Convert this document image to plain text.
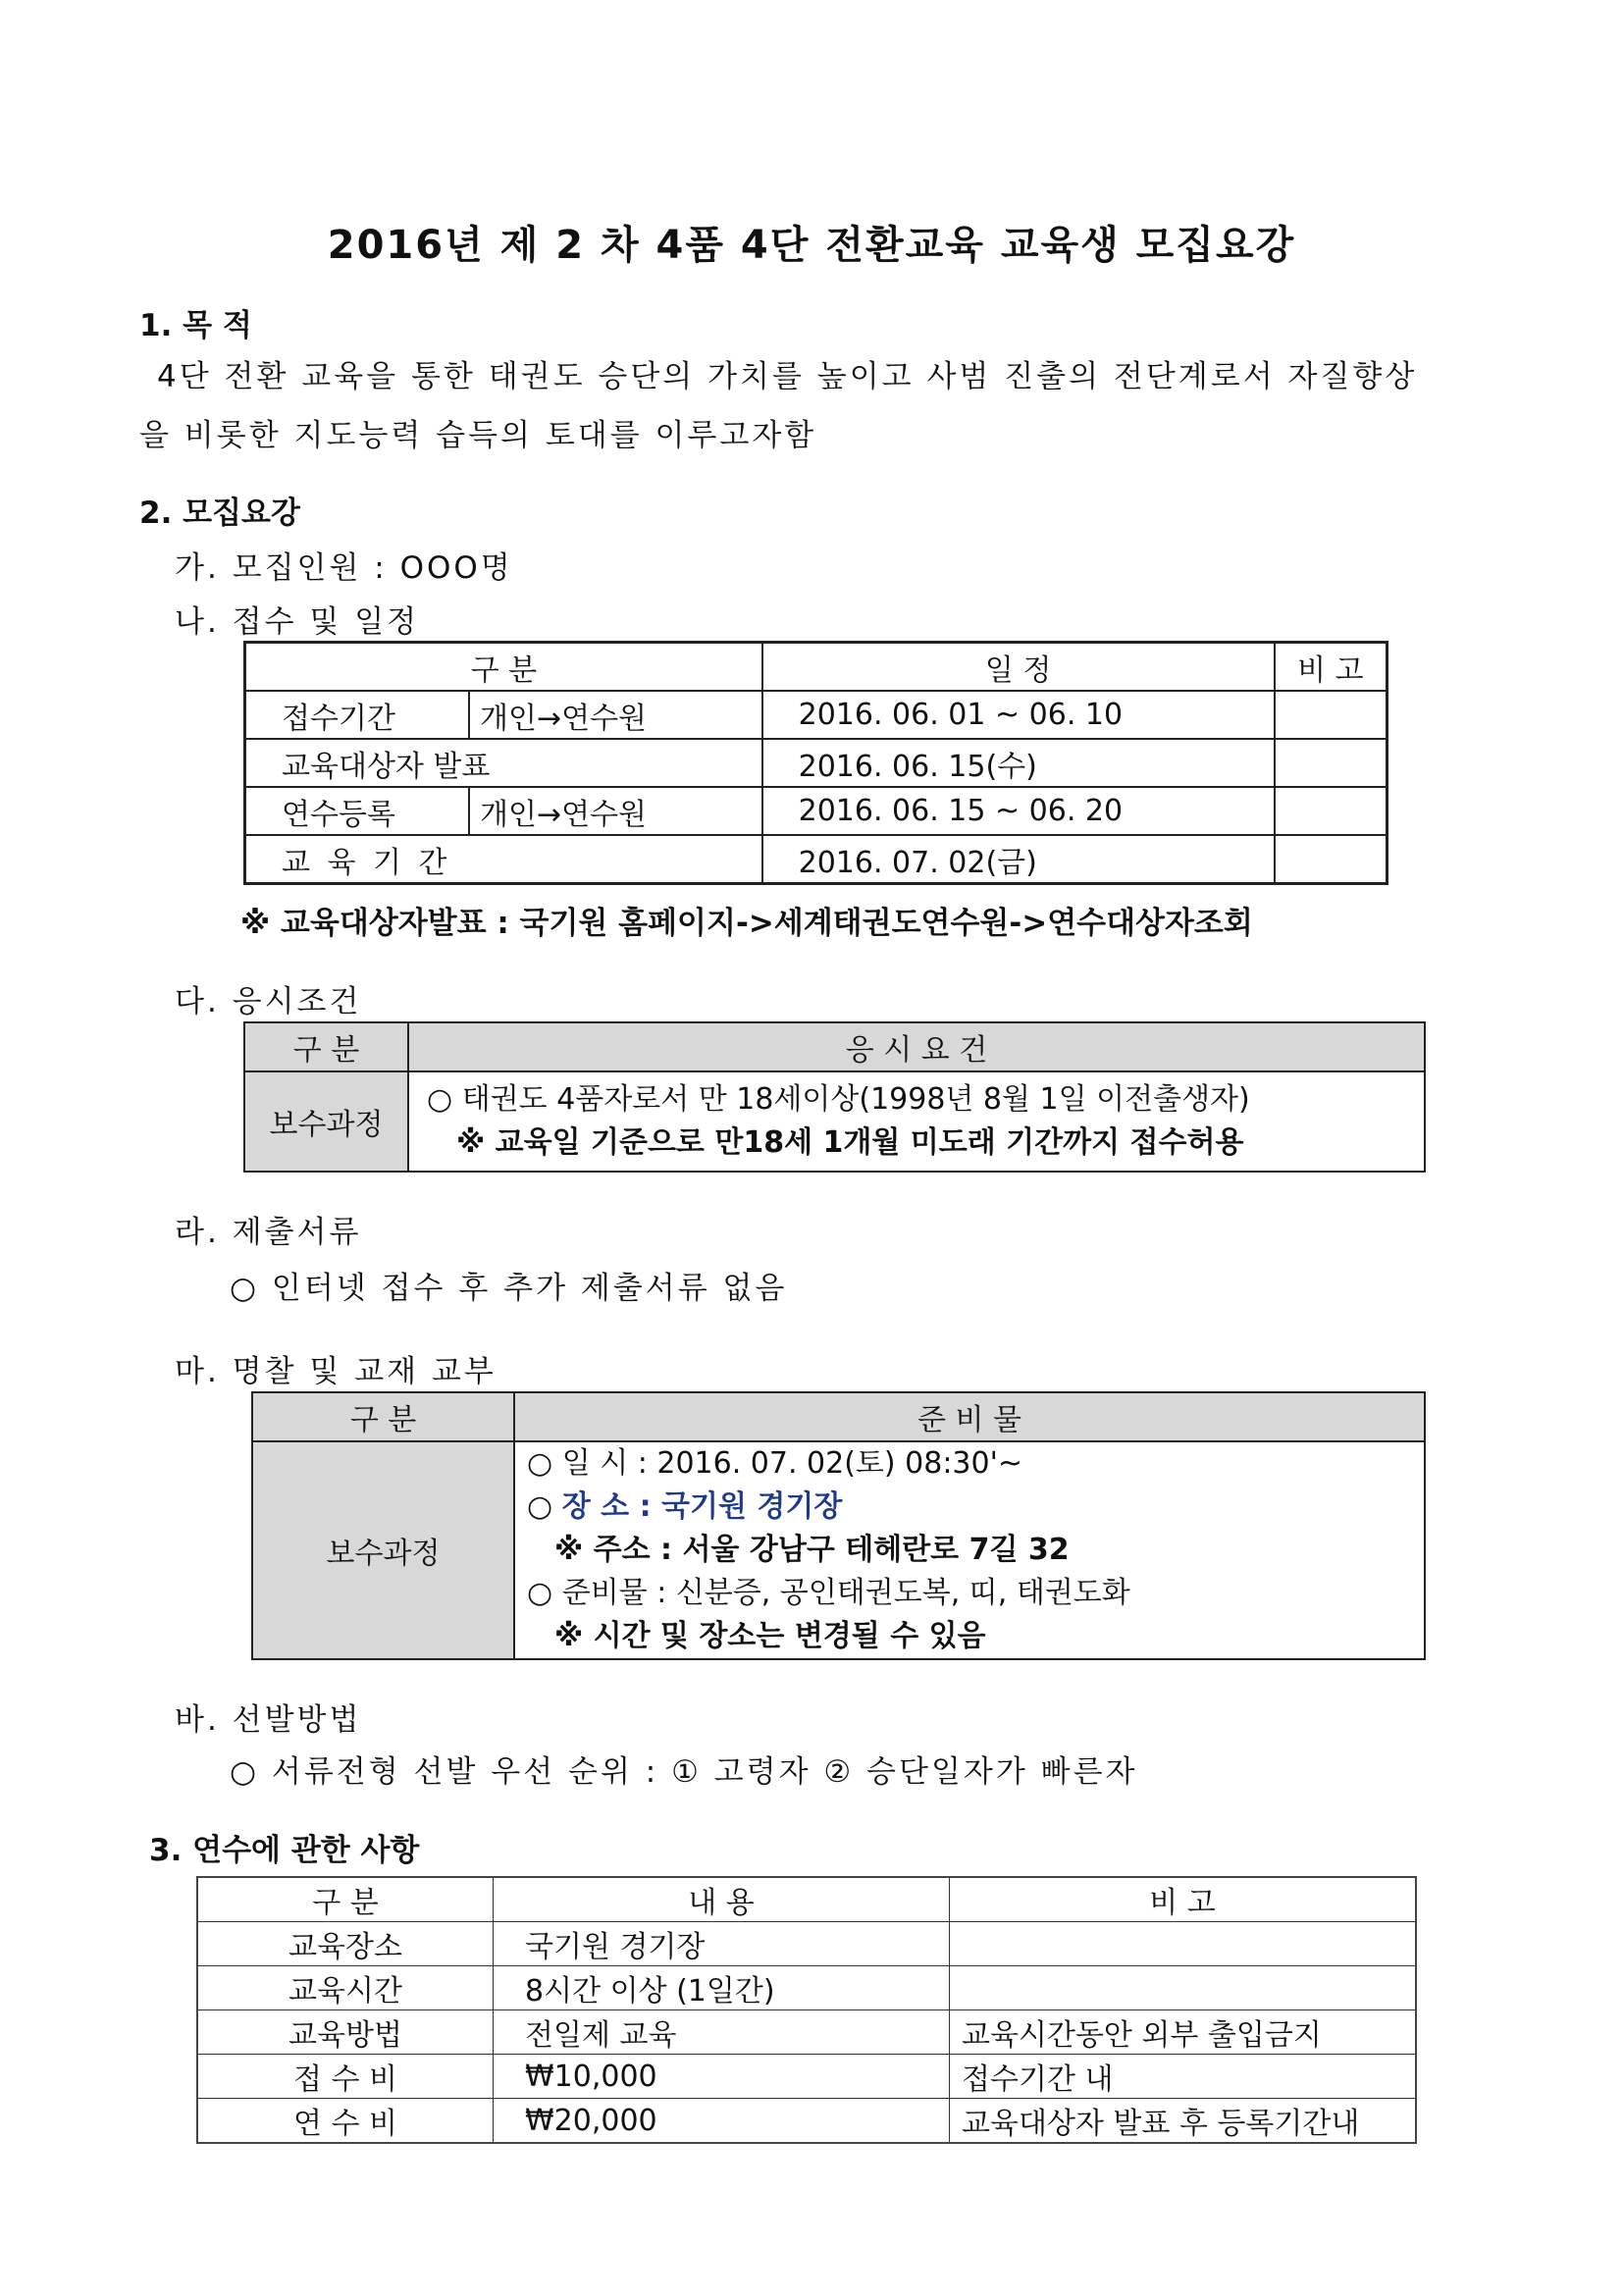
2016년 제 2 차 4품 4단 전환교육 교육생 모집요강
1. 목 적
4단 전환 교육을 통한 태권도 승단의 가치를 높이고 사범 진출의 전단계로서 자질향상
을 비롯한 지도능력 습득의 토대를 이루고자함
2. 모집요강
가. 모집인원 : OOO명
나. 접수 및 일정
구 분		일 정	비 고
접수기간	개인→연수원	2016. 06. 01 ~ 06. 10	
교육대상자 발표		2016. 06. 15(수)	
연수등록	개인→연수원	2016. 06. 15 ~ 06. 20	
교 육 기 간		2016. 07. 02(금)	
※ 교육대상자발표 : 국기원 홈페이지->세계태권도연수원->연수대상자조회
다. 응시조건
구 분	응 시 요 건
보수과정	○ 태권도 4품자로서 만 18세이상(1998년 8월 1일 이전출생자)
※ 교육일 기준으로 만18세 1개월 미도래 기간까지 접수허용
라. 제출서류
○ 인터넷 접수 후 추가 제출서류 없음
마. 명찰 및 교재 교부
구 분	준 비 물
보수과정	○ 일 시 : 2016. 07. 02(토) 08:30'~
○ 장 소 : 국기원 경기장
※ 주소 : 서울 강남구 테헤란로 7길 32
○ 준비물 : 신분증, 공인태권도복, 띠, 태권도화
※ 시간 및 장소는 변경될 수 있음
바. 선발방법
○ 서류전형 선발 우선 순위 : ① 고령자 ② 승단일자가 빠른자
3. 연수에 관한 사항
구 분	내 용	비 고
교육장소	국기원 경기장	
교육시간	8시간 이상 (1일간)	
교육방법	전일제 교육	교육시간동안 외부 출입금지
접 수 비	₩10,000	접수기간 내
연 수 비	₩20,000	교육대상자 발표 후 등록기간내
